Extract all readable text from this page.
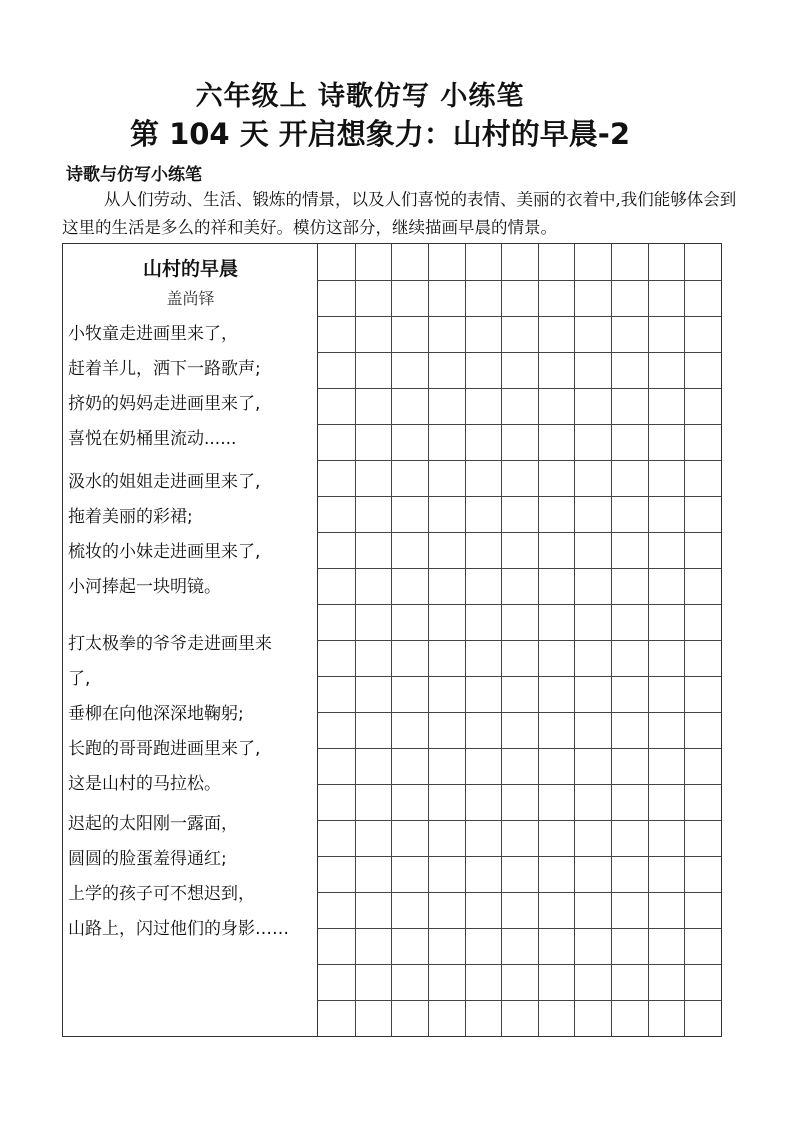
六年级上 诗歌仿写 小练笔
第 104 天 开启想象力：山村的早晨-2
诗歌与仿写小练笔

从人们劳动、生活、锻炼的情景，以及人们喜悦的表情、美丽的衣着中,我们能够体会到这里的生活是多么的祥和美好。模仿这部分，继续描画早晨的情景。

山村的早晨
盖尚铎
小牧童走进画里来了，
赶着羊儿，洒下一路歌声;
挤奶的妈妈走进画里来了,
喜悦在奶桶里流动......
汲水的姐姐走进画里来了,
拖着美丽的彩裙;
梳妆的小妹走进画里来了,
小河捧起一块明镜。
打太极拳的爷爷走进画里来
了,
垂柳在向他深深地鞠躬;
长跑的哥哥跑进画里来了,
这是山村的马拉松。
迟起的太阳刚一露面，
圆圆的脸蛋羞得通红;
上学的孩子可不想迟到，
山路上，闪过他们的身影……
